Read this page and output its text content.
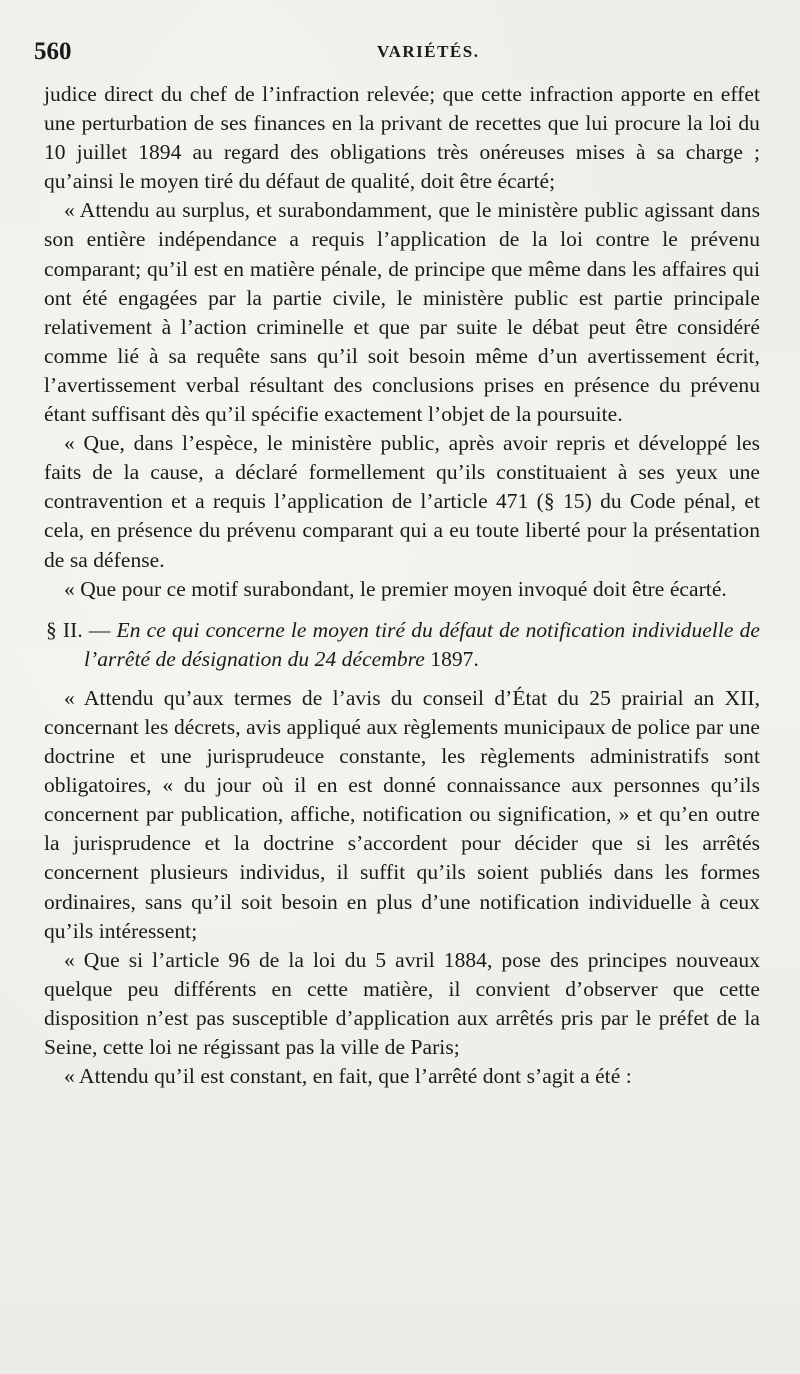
560	VARIÉTÉS.

judice direct du chef de l’infraction relevée; que cette infraction apporte en effet une perturbation de ses finances en la privant de recettes que lui procure la loi du 10 juillet 1894 au regard des obligations très onéreuses mises à sa charge ; qu’ainsi le moyen tiré du défaut de qualité, doit être écarté;

« Attendu au surplus, et surabondamment, que le ministère public agissant dans son entière indépendance a requis l’application de la loi contre le prévenu comparant; qu’il est en matière pénale, de principe que même dans les affaires qui ont été engagées par la partie civile, le ministère public est partie principale relativement à l’action criminelle et que par suite le débat peut être considéré comme lié à sa requête sans qu’il soit besoin même d’un avertissement écrit, l’avertissement verbal résultant des conclusions prises en présence du prévenu étant suffisant dès qu’il spécifie exactement l’objet de la poursuite.

« Que, dans l’espèce, le ministère public, après avoir repris et développé les faits de la cause, a déclaré formellement qu’ils constituaient à ses yeux une contravention et a requis l’application de l’article 471 (§ 15) du Code pénal, et cela, en présence du prévenu comparant qui a eu toute liberté pour la présentation de sa défense.

« Que pour ce motif surabondant, le premier moyen invoqué doit être écarté.

§ II. — En ce qui concerne le moyen tiré du défaut de notification individuelle de l’arrêté de désignation du 24 décembre 1897.

« Attendu qu’aux termes de l’avis du conseil d’État du 25 prairial an XII, concernant les décrets, avis appliqué aux règlements municipaux de police par une doctrine et une jurisprudeuce constante, les règlements administratifs sont obligatoires, « du jour où il en est donné connaissance aux personnes qu’ils concernent par publication, affiche, notification ou signification, » et qu’en outre la jurisprudence et la doctrine s’accordent pour décider que si les arrêtés concernent plusieurs individus, il suffit qu’ils soient publiés dans les formes ordinaires, sans qu’il soit besoin en plus d’une notification individuelle à ceux qu’ils intéressent;

« Que si l’article 96 de la loi du 5 avril 1884, pose des principes nouveaux quelque peu différents en cette matière, il convient d’observer que cette disposition n’est pas susceptible d’application aux arrêtés pris par le préfet de la Seine, cette loi ne régissant pas la ville de Paris;

« Attendu qu’il est constant, en fait, que l’arrêté dont s’agit a été :
